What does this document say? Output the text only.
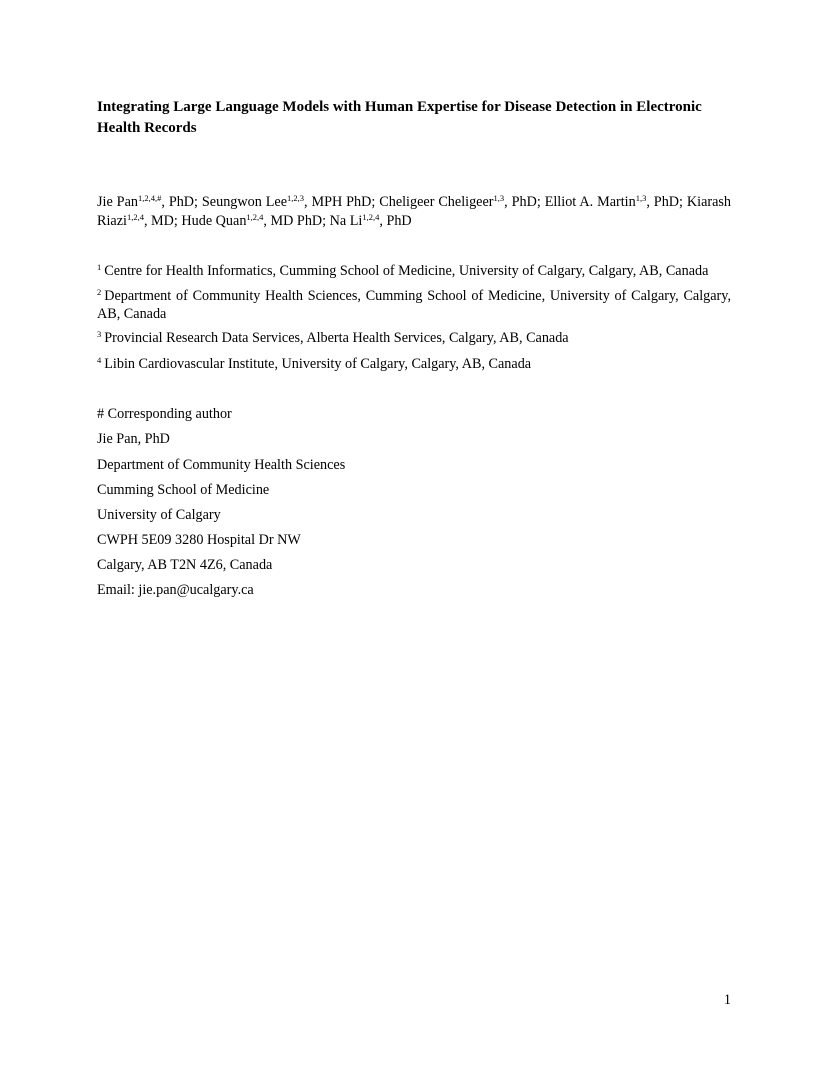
Integrating Large Language Models with Human Expertise for Disease Detection in Electronic Health Records

Jie Pan$^{1,2,4,\#}$, PhD; Seungwon Lee$^{1,2,3}$, MPH PhD; Cheligeer Cheligeer$^{1,3}$, PhD; Elliot A. Martin$^{1,3}$, PhD; Kiarash Riazi$^{1,2,4}$, MD; Hude Quan$^{1,2,4}$, MD PhD; Na Li$^{1,2,4}$, PhD

$^1$ Centre for Health Informatics, Cumming School of Medicine, University of Calgary, Calgary, AB, Canada

$^2$ Department of Community Health Sciences, Cumming School of Medicine, University of Calgary, Calgary, AB, Canada

$^3$ Provincial Research Data Services, Alberta Health Services, Calgary, AB, Canada

$^4$ Libin Cardiovascular Institute, University of Calgary, Calgary, AB, Canada

# Corresponding author

Jie Pan, PhD

Department of Community Health Sciences

Cumming School of Medicine

University of Calgary

CWPH 5E09 3280 Hospital Dr NW

Calgary, AB T2N 4Z6, Canada

Email: jie.pan@ucalgary.ca

1
